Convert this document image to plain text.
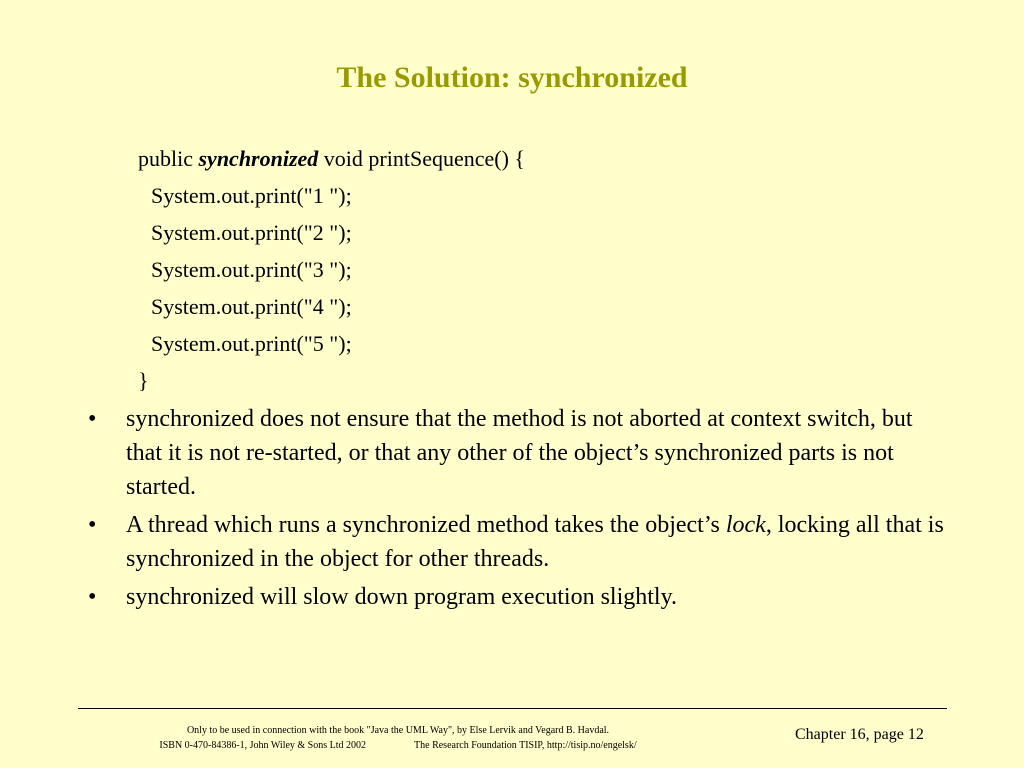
The Solution: synchronized
public synchronized void printSequence() {
System.out.print("1 ");
System.out.print("2 ");
System.out.print("3 ");
System.out.print("4 ");
System.out.print("5 ");
}
• synchronized does not ensure that the method is not aborted at context switch, but that it is not re-started, or that any other of the object’s synchronized parts is not started.
• A thread which runs a synchronized method takes the object’s lock, locking all that is synchronized in the object for other threads.
• synchronized will slow down program execution slightly.
Only to be used in connection with the book "Java the UML Way", by Else Lervik and Vegard B. Havdal.
ISBN 0-470-84386-1, John Wiley & Sons Ltd 2002	The Research Foundation TISIP, http://tisip.no/engelsk/
Chapter 16, page 12
